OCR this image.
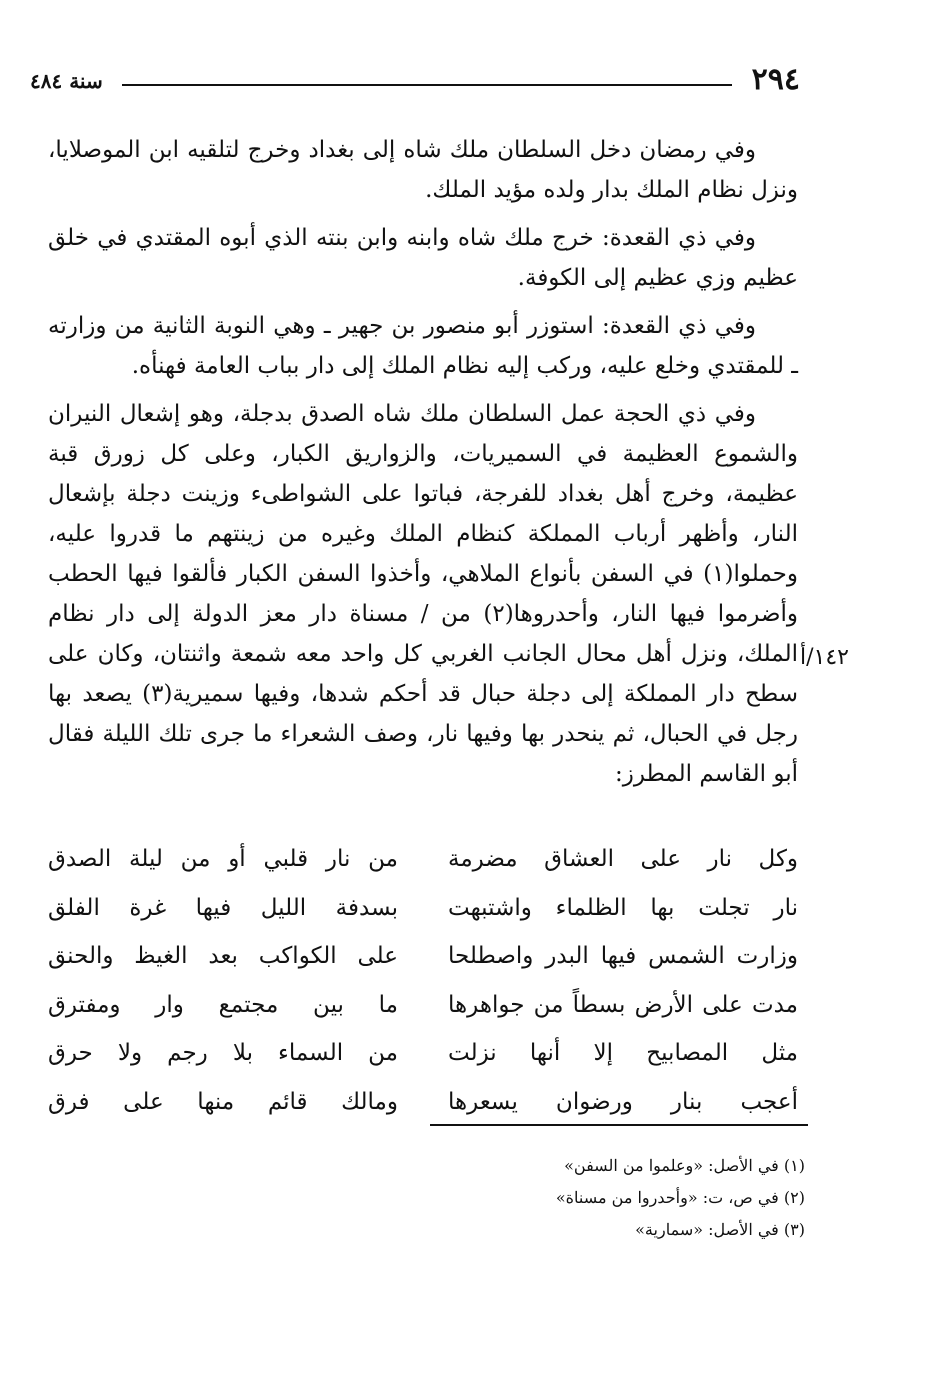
٢٩٤
سنة ٤٨٤

وفي رمضان دخل السلطان ملك شاه إلى بغداد وخرج لتلقيه ابن الموصلايا، ونزل نظام الملك بدار ولده مؤيد الملك.

وفي ذي القعدة: خرج ملك شاه وابنه وابن بنته الذي أبوه المقتدي في خلق عظيم وزي عظيم إلى الكوفة.

وفي ذي القعدة: استوزر أبو منصور بن جهير ـ وهي النوبة الثانية من وزارته ـ للمقتدي وخلع عليه، وركب إليه نظام الملك إلى دار بباب العامة فهنأه.

وفي ذي الحجة عمل السلطان ملك شاه الصدق بدجلة، وهو إشعال النيران والشموع العظيمة في السميريات، والزواريق الكبار، وعلى كل زورق قبة عظيمة، وخرج أهل بغداد للفرجة، فباتوا على الشواطىء وزينت دجلة بإشعال النار، وأظهر أرباب المملكة كنظام الملك وغيره من زينتهم ما قدروا عليه، وحملوا(١) في السفن بأنواع الملاهي، وأخذوا السفن الكبار فألقوا فيها الحطب وأضرموا فيها النار، وأحدروها(٢) من / مسناة دار معز الدولة إلى دار نظام الملك، ونزل أهل محال الجانب الغربي كل واحد معه شمعة واثنتان، وكان على سطح دار المملكة إلى دجلة حبال قد أحكم شدها، وفيها سميرية(٣) يصعد بها رجل في الحبال، ثم ينحدر بها وفيها نار، وصف الشعراء ما جرى تلك الليلة فقال أبو القاسم المطرز:

١٤٢/أ
وكل نار على العشاق مضرمة
من نار قلبي أو من ليلة الصدق
نار تجلت بها الظلماء واشتبهت
بسدفة الليل فيها غرة الفلق
وزارت الشمس فيها البدر واصطلحا
على الكواكب بعد الغيظ والحنق
مدت على الأرض بسطاً من جواهرها
ما بين مجتمع وار ومفترق
مثل المصابيح إلا أنها نزلت
من السماء بلا رجم ولا حرق
أعجب بنار ورضوان يسعرها
ومالك قائم منها على فرق
(١) في الأصل: «وعلموا من السفن»
(٢) في ص، ت: «وأحدروا من مسناة»
(٣) في الأصل: «سمارية»
